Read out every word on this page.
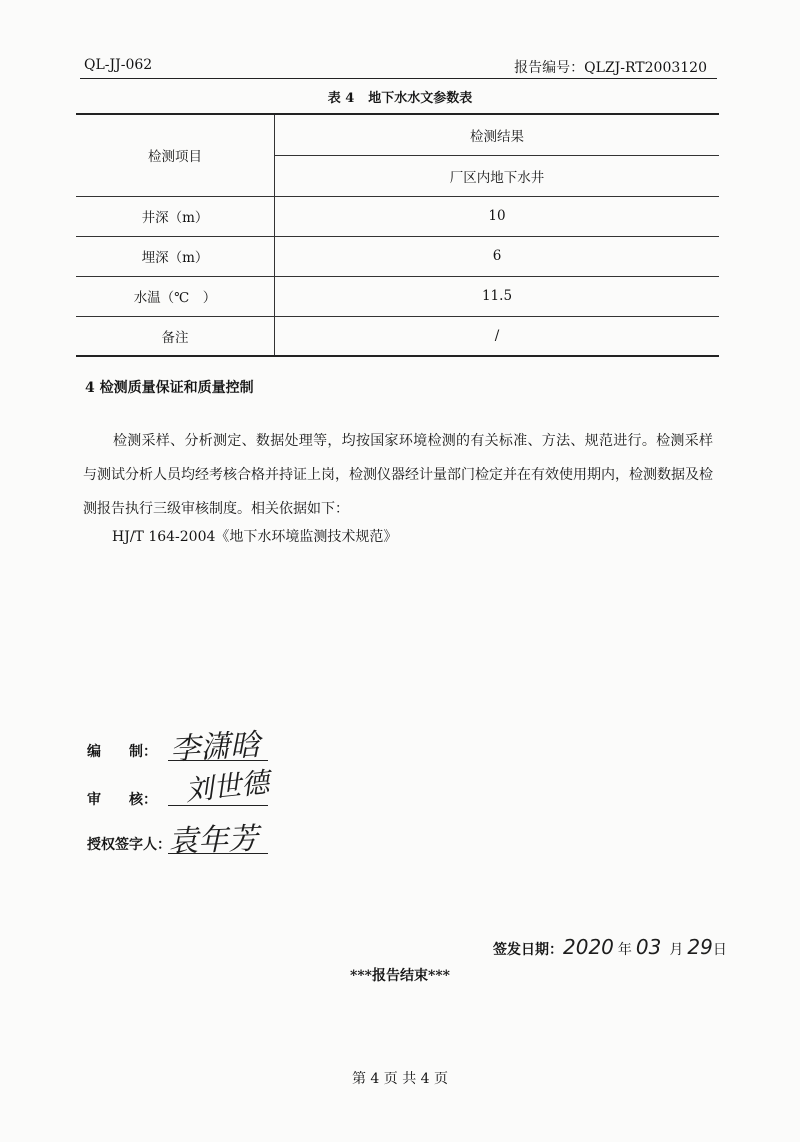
QL-JJ-062	报告编号：QLZJ-RT2003120
表 4 地下水水文参数表
检测项目	检测结果
	厂区内地下水井
井深（m）	10
埋深（m）	6
水温（℃　）	11.5
备注	/
4 检测质量保证和质量控制
检测采样、分析测定、数据处理等，均按国家环境检测的有关标准、方法、规范进行。检测采样与测试分析人员均经考核合格并持证上岗，检测仪器经计量部门检定并在有效使用期内，检测数据及检测报告执行三级审核制度。相关依据如下：
HJ/T 164-2004《地下水环境监测技术规范》
编　　制： 李潇晗
审　　核： 刘世德
授权签字人：
袁年芳
签发日期：2020 年 03 月 29日
***报告结束***
第 4 页 共 4 页
